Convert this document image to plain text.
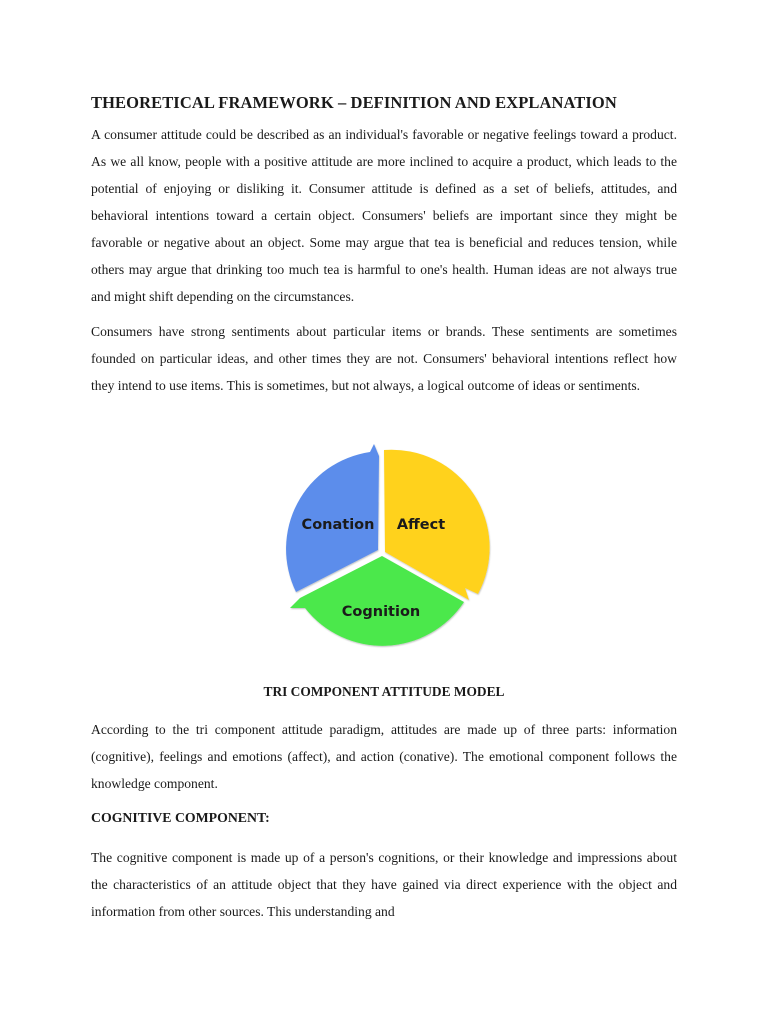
THEORETICAL FRAMEWORK – DEFINITION AND EXPLANATION

A consumer attitude could be described as an individual's favorable or negative feelings toward a product. As we all know, people with a positive attitude are more inclined to acquire a product, which leads to the potential of enjoying or disliking it. Consumer attitude is defined as a set of beliefs, attitudes, and behavioral intentions toward a certain object. Consumers' beliefs are important since they might be favorable or negative about an object. Some may argue that tea is beneficial and reduces tension, while others may argue that drinking too much tea is harmful to one's health. Human ideas are not always true and might shift depending on the circumstances.

Consumers have strong sentiments about particular items or brands. These sentiments are sometimes founded on particular ideas, and other times they are not. Consumers' behavioral intentions reflect how they intend to use items. This is sometimes, but not always, a logical outcome of ideas or sentiments.

Affect
Cognition
Conation

TRI COMPONENT ATTITUDE MODEL

According to the tri component attitude paradigm, attitudes are made up of three parts: information (cognitive), feelings and emotions (affect), and action (conative). The emotional component follows the knowledge component.

COGNITIVE COMPONENT:

The cognitive component is made up of a person's cognitions, or their knowledge and impressions about the characteristics of an attitude object that they have gained via direct experience with the object and information from other sources. This understanding and
